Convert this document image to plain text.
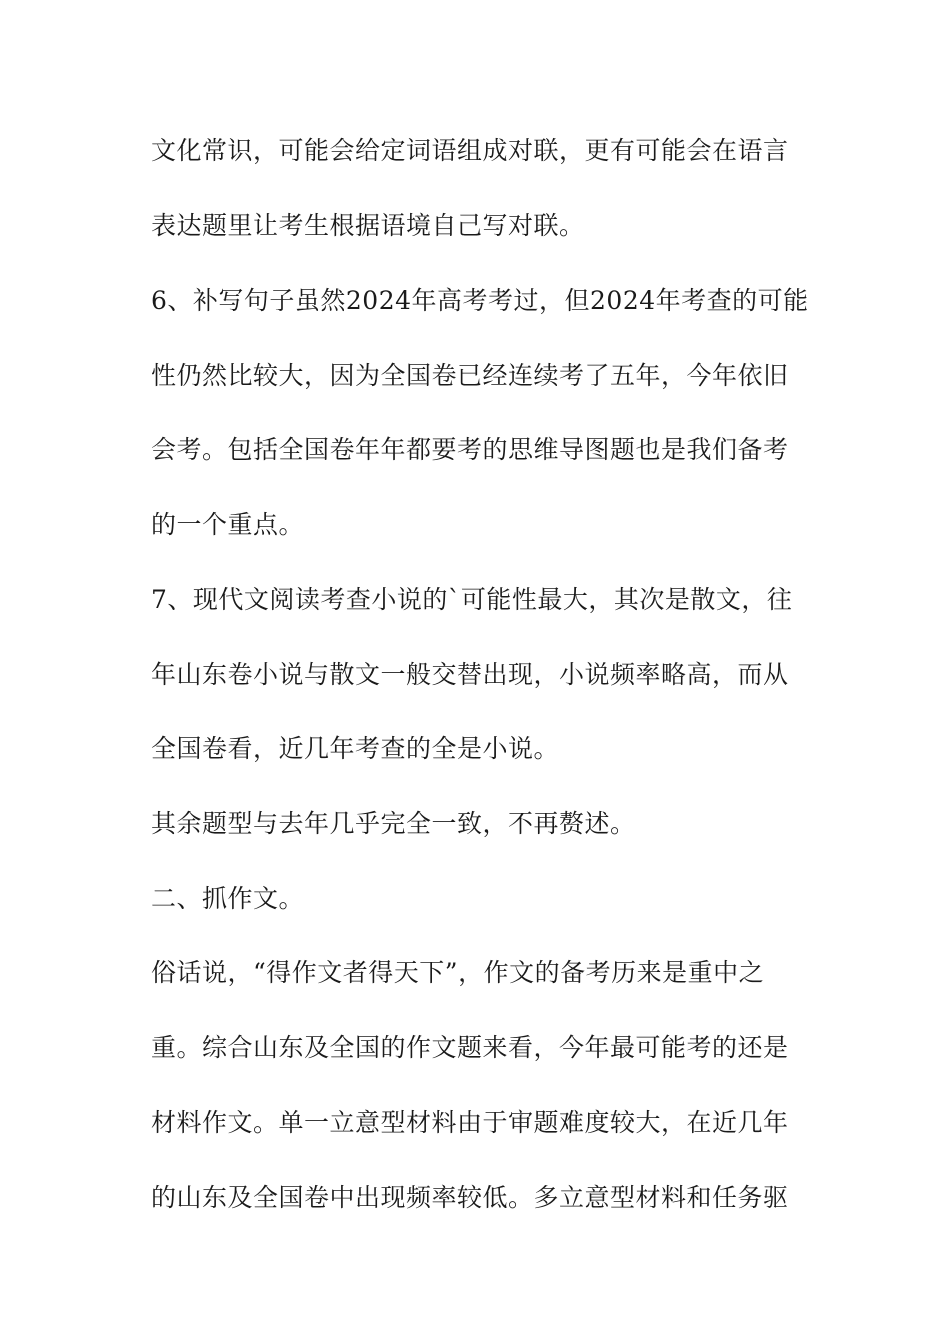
文化常识，可能会给定词语组成对联，更有可能会在语言
表达题里让考生根据语境自己写对联。
6、补写句子虽然2024年高考考过，但2024年考查的可能
性仍然比较大，因为全国卷已经连续考了五年，今年依旧
会考。包括全国卷年年都要考的思维导图题也是我们备考
的一个重点。
7、现代文阅读考查小说的`可能性最大，其次是散文，往
年山东卷小说与散文一般交替出现，小说频率略高，而从
全国卷看，近几年考查的全是小说。
其余题型与去年几乎完全一致，不再赘述。
二、抓作文。
俗话说，“得作文者得天下”，作文的备考历来是重中之
重。综合山东及全国的作文题来看，今年最可能考的还是
材料作文。单一立意型材料由于审题难度较大，在近几年
的山东及全国卷中出现频率较低。多立意型材料和任务驱
